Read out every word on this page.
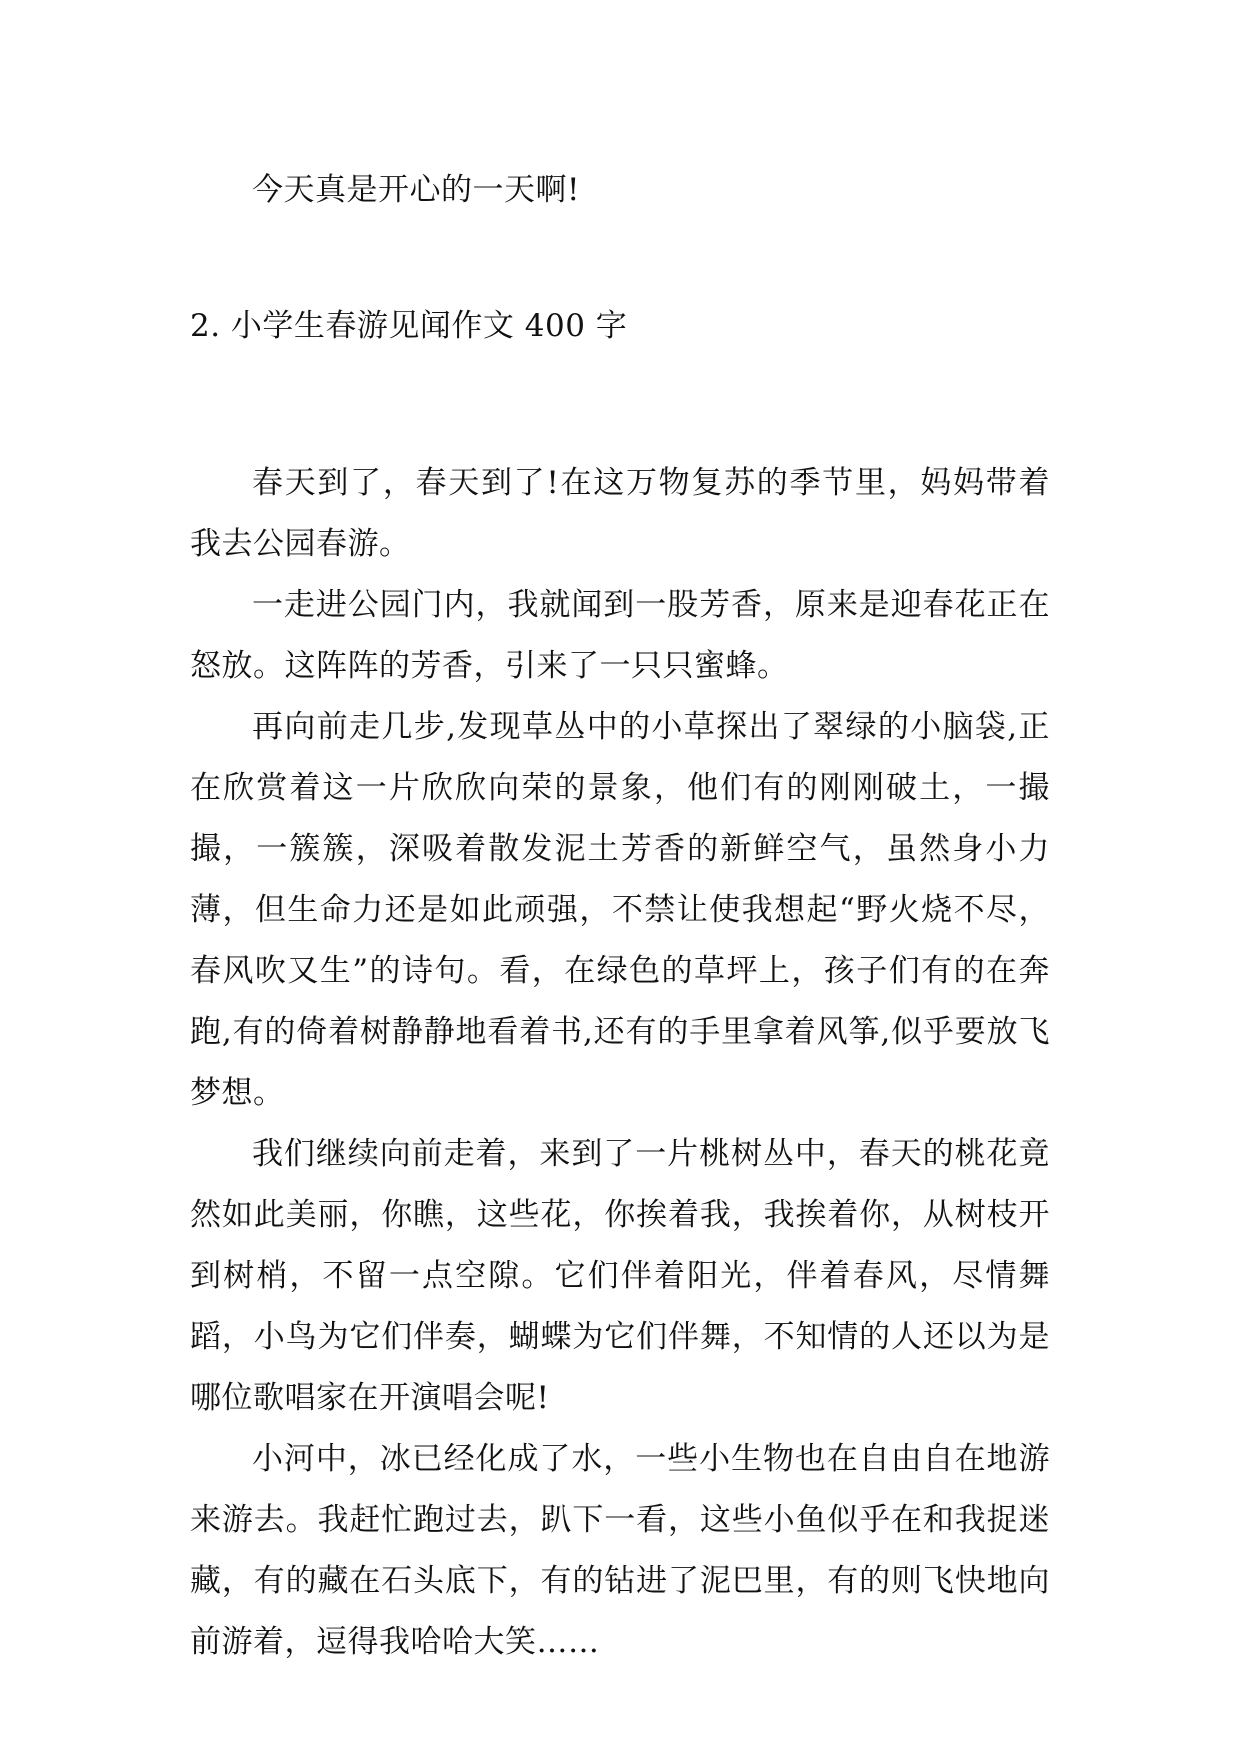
今天真是开心的一天啊!

2. 小学生春游见闻作文 400 字

春天到了，春天到了!在这万物复苏的季节里，妈妈带着我去公园春游。

一走进公园门内，我就闻到一股芳香，原来是迎春花正在怒放。这阵阵的芳香，引来了一只只蜜蜂。

再向前走几步,发现草丛中的小草探出了翠绿的小脑袋,正在欣赏着这一片欣欣向荣的景象，他们有的刚刚破土，一撮撮，一簇簇，深吸着散发泥土芳香的新鲜空气，虽然身小力薄，但生命力还是如此顽强，不禁让使我想起“野火烧不尽，春风吹又生”的诗句。看，在绿色的草坪上，孩子们有的在奔跑,有的倚着树静静地看着书,还有的手里拿着风筝,似乎要放飞梦想。

我们继续向前走着，来到了一片桃树丛中，春天的桃花竟然如此美丽，你瞧，这些花，你挨着我，我挨着你，从树枝开到树梢，不留一点空隙。它们伴着阳光，伴着春风，尽情舞蹈，小鸟为它们伴奏，蝴蝶为它们伴舞，不知情的人还以为是哪位歌唱家在开演唱会呢!

小河中，冰已经化成了水，一些小生物也在自由自在地游来游去。我赶忙跑过去，趴下一看，这些小鱼似乎在和我捉迷藏，有的藏在石头底下，有的钻进了泥巴里，有的则飞快地向前游着，逗得我哈哈大笑……
